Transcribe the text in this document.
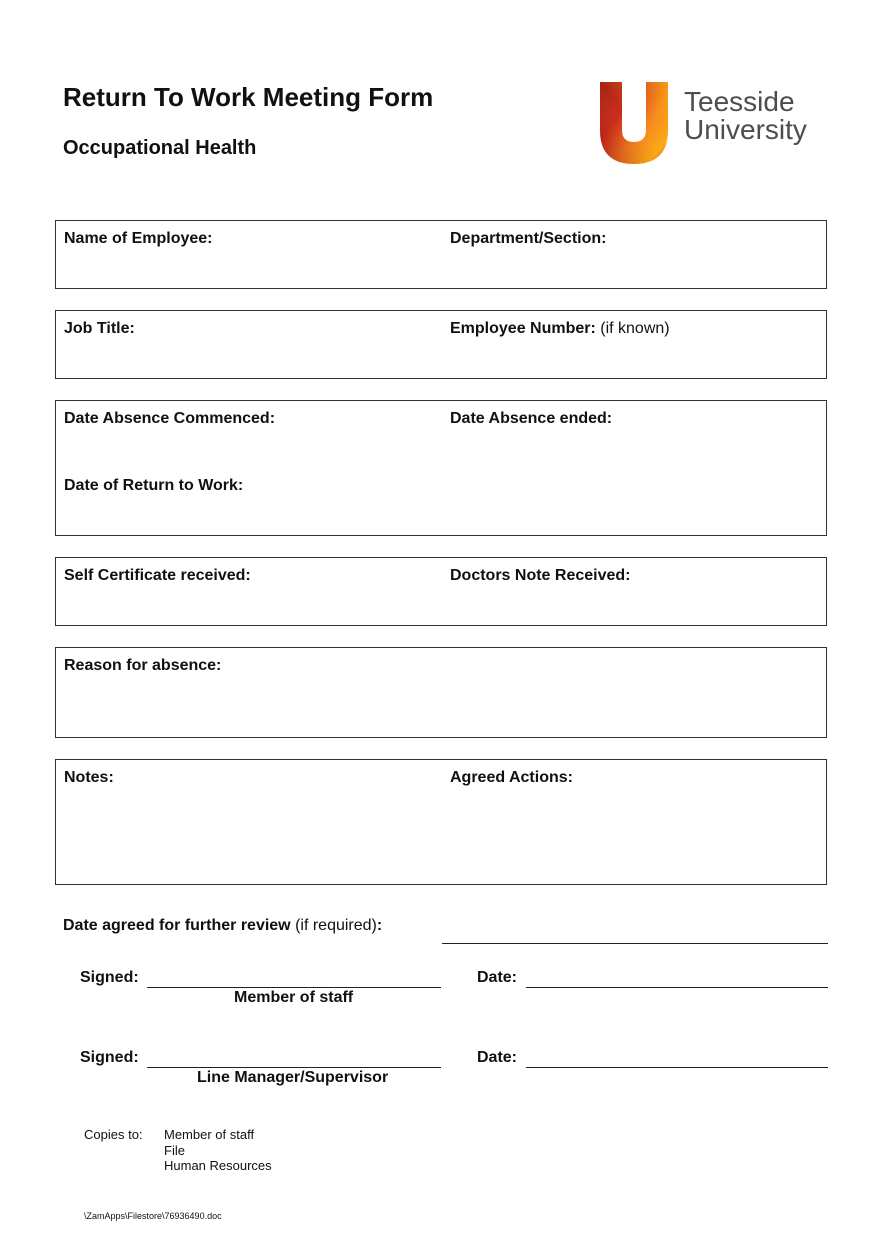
Return To Work Meeting Form
Occupational Health
Teesside
University
Name of Employee:	Department/Section:
Job Title:	Employee Number: (if known)
Date Absence Commenced:	Date Absence ended:
Date of Return to Work:
Self Certificate received:	Doctors Note Received:
Reason for absence:
Notes:	Agreed Actions:
Date agreed for further review (if required):
Signed:
Member of staff
Date:
Signed:
Line Manager/Supervisor
Date:
Copies to: Member of staff
File
Human Resources
\ZamApps\Filestore\76936490.doc
